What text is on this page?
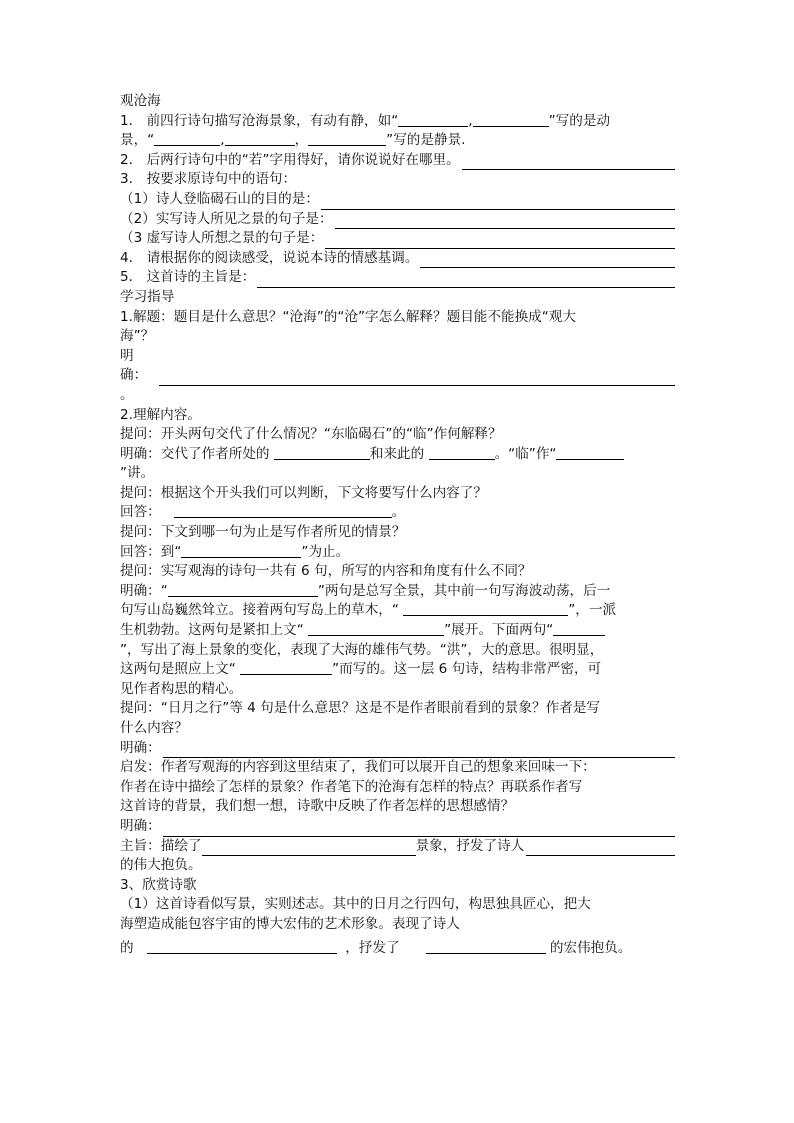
观沧海
1． 前四行诗句描写沧海景象，有动有静，如“	,	”写的是动
景，“	,	，	”写的是静景.
2． 后两行诗句中的“若”字用得好，请你说说好在哪里。
3． 按要求原诗句中的语句：
（1）诗人登临碣石山的目的是：
（2）实写诗人所见之景的句子是：
（3 虚写诗人所想之景的句子是：
4． 请根据你的阅读感受，说说本诗的情感基调。
5． 这首诗的主旨是：
学习指导
1.解题：题目是什么意思？“沧海”的“沧”字怎么解释？题目能不能换成“观大
海”？
明
确：
。
2.理解内容。
提问：开头两句交代了什么情况？“东临碣石”的“临”作何解释？
明确：交代了作者所处的	和来此的	。“临”作“
”讲。
提问：根据这个开头我们可以判断，下文将要写什么内容了？
回答：	。
提问：下文到哪一句为止是写作者所见的情景？
回答：到“	”为止。
提问：实写观海的诗句一共有 6 句，所写的内容和角度有什么不同？
明确：“	”两句是总写全景，其中前一句写海波动荡，后一
句写山岛巍然耸立。接着两句写岛上的草木，“	”，一派
生机勃勃。这两句是紧扣上文“	”展开。下面两句“
”，写出了海上景象的变化，表现了大海的雄伟气势。“洪”，大的意思。很明显，
这两句是照应上文“	”而写的。这一层 6 句诗，结构非常严密，可
见作者构思的精心。
提问：“日月之行”等 4 句是什么意思？这是不是作者眼前看到的景象？作者是写
什么内容？
明确：
启发：作者写观海的内容到这里结束了，我们可以展开自己的想象来回味一下：
作者在诗中描绘了怎样的景象？作者笔下的沧海有怎样的特点？再联系作者写
这首诗的背景，我们想一想，诗歌中反映了作者怎样的思想感情？
明确：
主旨：描绘了	景象，抒发了诗人
的伟大抱负。
3、欣赏诗歌
（1）这首诗看似写景，实则述志。其中的日月之行四句，构思独具匠心，把大
海塑造成能包容宇宙的博大宏伟的艺术形象。表现了诗人
的	，抒发了	的宏伟抱负。
